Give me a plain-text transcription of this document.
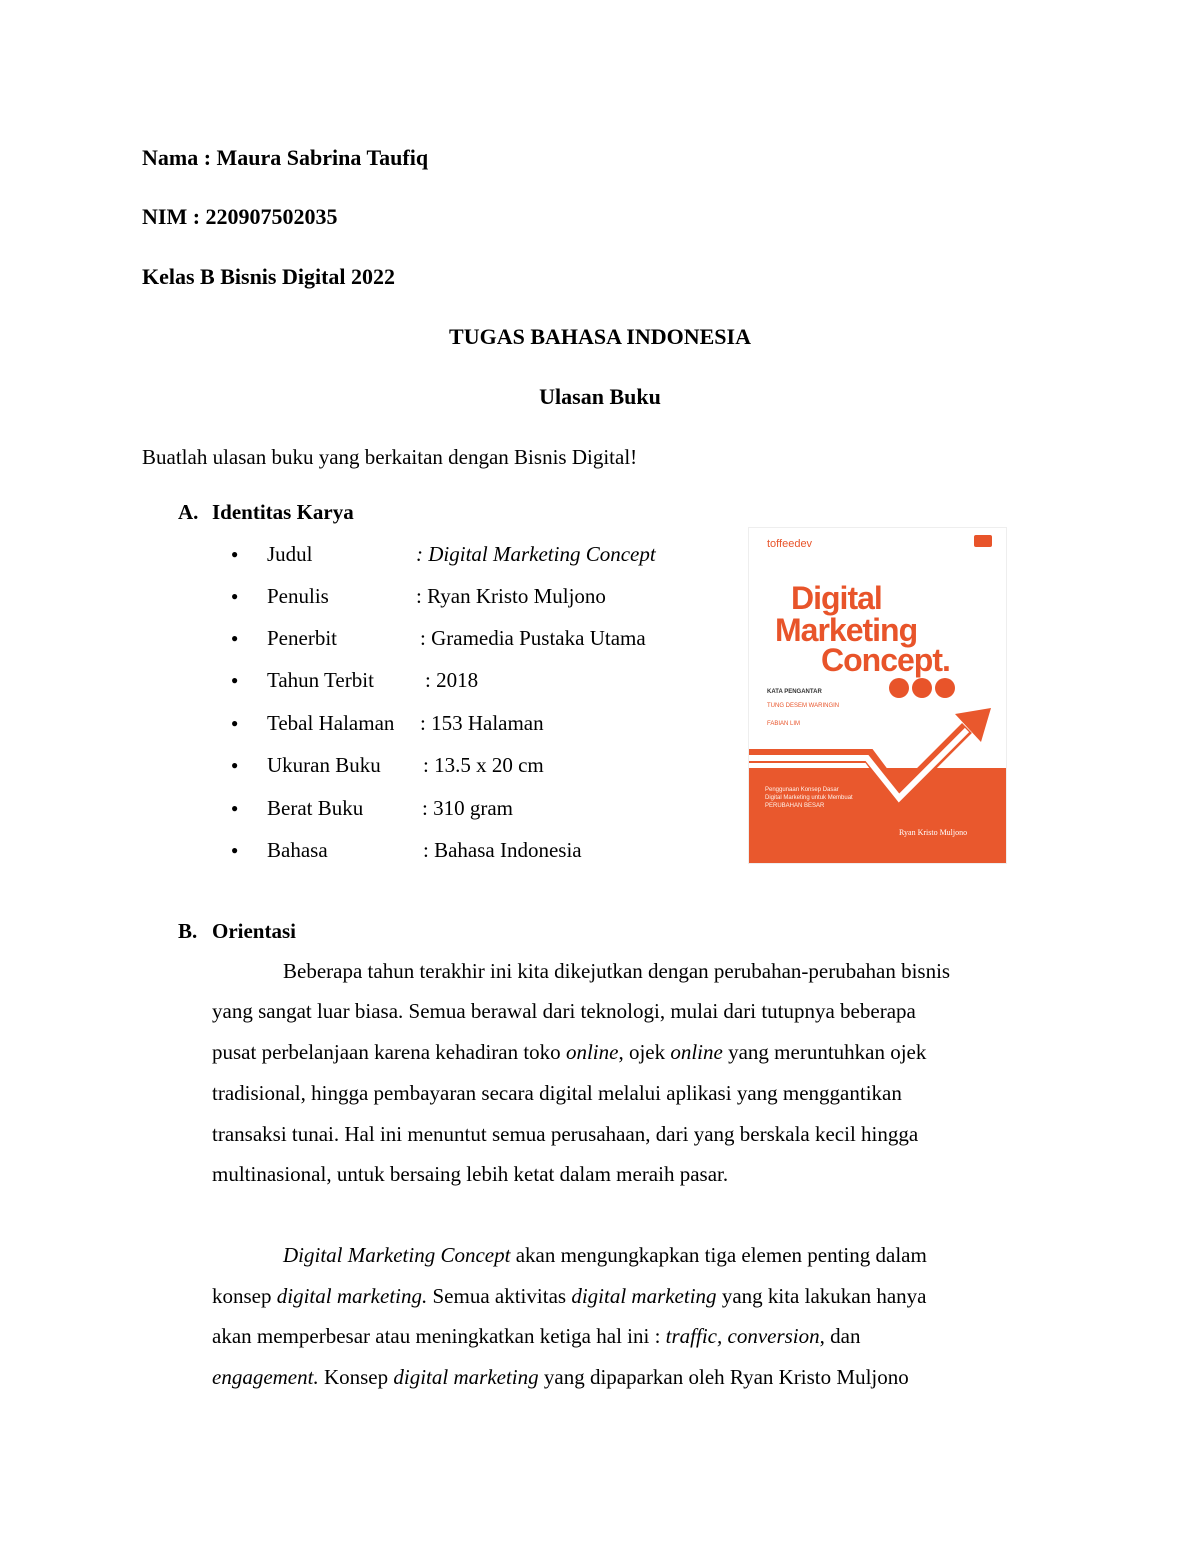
Nama : Maura Sabrina Taufiq
NIM : 220907502035
Kelas B Bisnis Digital 2022
TUGAS BAHASA INDONESIA
Ulasan Buku
Buatlah ulasan buku yang berkaitan dengan Bisnis Digital!
A. Identitas Karya
● Judul	: Digital Marketing Concept
● Penulis	: Ryan Kristo Muljono
● Penerbit	: Gramedia Pustaka Utama
● Tahun Terbit : 2018
● Tebal Halaman : 153 Halaman
● Ukuran Buku : 13.5 x 20 cm
● Berat Buku	: 310 gram
● Bahasa	: Bahasa Indonesia
toffeedev
Digital
Marketing
Concept.
KATA PENGANTAR
TUNG DESEM WARINGIN
FABIAN LIM
Penggunaan Konsep Dasar Digital Marketing untuk Membuat PERUBAHAN BESAR
Ryan Kristo Muljono
B. Orientasi
Beberapa tahun terakhir ini kita dikejutkan dengan perubahan-perubahan bisnis
yang sangat luar biasa. Semua berawal dari teknologi, mulai dari tutupnya beberapa
pusat perbelanjaan karena kehadiran toko online, ojek online yang meruntuhkan ojek
tradisional, hingga pembayaran secara digital melalui aplikasi yang menggantikan
transaksi tunai. Hal ini menuntut semua perusahaan, dari yang berskala kecil hingga
multinasional, untuk bersaing lebih ketat dalam meraih pasar.
Digital Marketing Concept akan mengungkapkan tiga elemen penting dalam
konsep digital marketing. Semua aktivitas digital marketing yang kita lakukan hanya
akan memperbesar atau meningkatkan ketiga hal ini : traffic, conversion, dan
engagement. Konsep digital marketing yang dipaparkan oleh Ryan Kristo Muljono
